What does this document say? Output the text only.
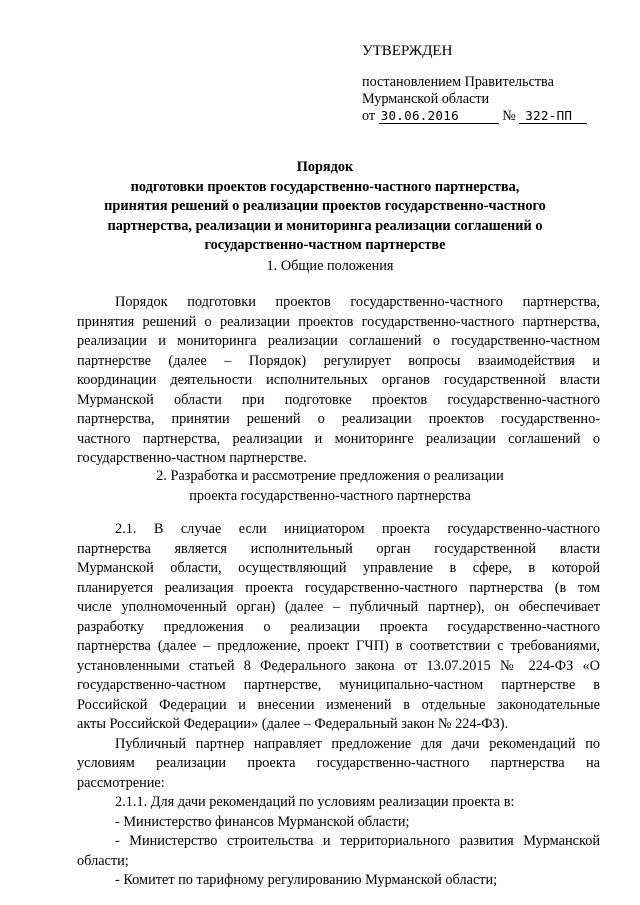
УТВЕРЖДЕН
постановлением Правительства
Мурманской области
от 30.06.2016	№ 322-ПП
Порядок
подготовки проектов государственно-частного партнерства,
принятия решений о реализации проектов государственно-частного
партнерства, реализации и мониторинга реализации соглашений о
государственно-частном партнерстве
1. Общие положения
Порядок подготовки проектов государственно-частного партнерства,
принятия решений о реализации проектов государственно-частного партнерства,
реализации и мониторинга реализации соглашений о государственно-частном
партнерстве (далее – Порядок) регулирует вопросы взаимодействия и
координации деятельности исполнительных органов государственной власти
Мурманской области при подготовке проектов государственно-частного
партнерства, принятии решений о реализации проектов государственно-
частного партнерства, реализации и мониторинге реализации соглашений о
государственно-частном партнерстве.
2. Разработка и рассмотрение предложения о реализации
проекта государственно-частного партнерства
2.1. В случае если инициатором проекта государственно-частного
партнерства является исполнительный орган государственной власти
Мурманской области, осуществляющий управление в сфере, в которой
планируется реализация проекта государственно-частного партнерства (в том
числе уполномоченный орган) (далее – публичный партнер), он обеспечивает
разработку предложения о реализации проекта государственно-частного
партнерства (далее – предложение, проект ГЧП) в соответствии с требованиями,
установленными статьей 8 Федерального закона от 13.07.2015 № 224-ФЗ «О
государственно-частном партнерстве, муниципально-частном партнерстве в
Российской Федерации и внесении изменений в отдельные законодательные
акты Российской Федерации» (далее – Федеральный закон № 224-ФЗ).
Публичный партнер направляет предложение для дачи рекомендаций по
условиям реализации проекта государственно-частного партнерства на
рассмотрение:
2.1.1. Для дачи рекомендаций по условиям реализации проекта в:
- Министерство финансов Мурманской области;
- Министерство строительства и территориального развития Мурманской
области;
- Комитет по тарифному регулированию Мурманской области;
